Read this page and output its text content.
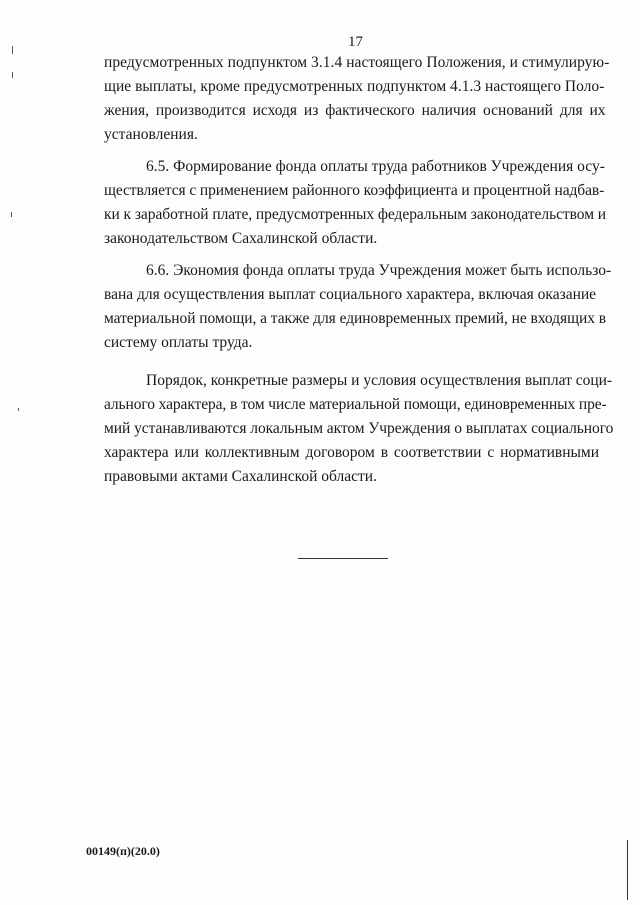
17
предусмотренных подпунктом 3.1.4 настоящего Положения, и стимулирую-
щие выплаты, кроме предусмотренных подпунктом 4.1.3 настоящего Поло-
жения, производится исходя из фактического наличия оснований для их
установления.
6.5. Формирование фонда оплаты труда работников Учреждения осу-
ществляется с применением районного коэффициента и процентной надбав-
ки к заработной плате, предусмотренных федеральным законодательством и
законодательством Сахалинской области.
6.6. Экономия фонда оплаты труда Учреждения может быть использо-
вана для осуществления выплат социального характера, включая оказание
материальной помощи, а также для единовременных премий, не входящих в
систему оплаты труда.
Порядок, конкретные размеры и условия осуществления выплат соци-
ального характера, в том числе материальной помощи, единовременных пре-
мий устанавливаются локальным актом Учреждения о выплатах социального
характера или коллективным договором в соответствии с нормативными
правовыми актами Сахалинской области.
00149(п)(20.0)
